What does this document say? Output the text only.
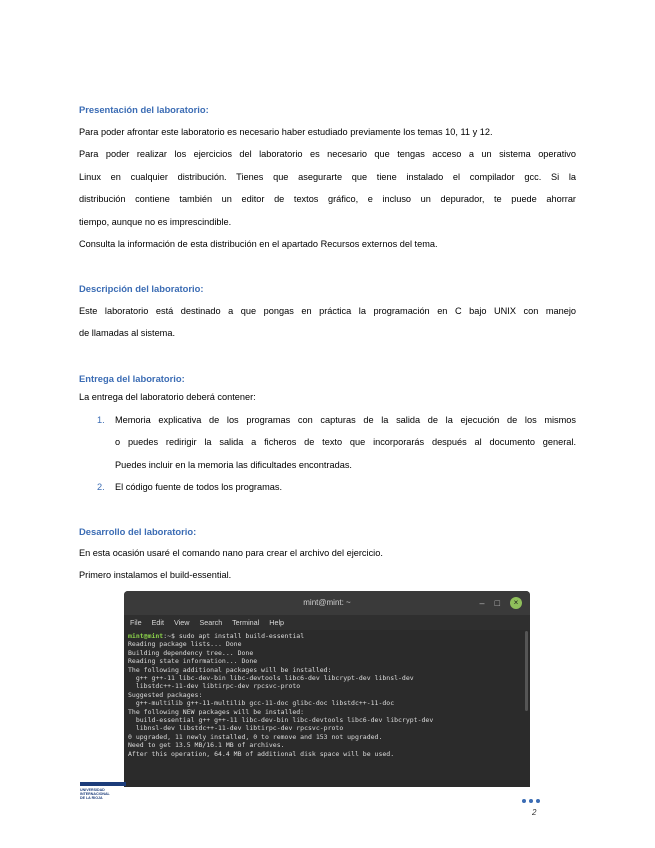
Presentación del laboratorio:
Para poder afrontar este laboratorio es necesario haber estudiado previamente los temas 10, 11 y 12.
Para poder realizar los ejercicios del laboratorio es necesario que tengas acceso a un sistema operativo
Linux en cualquier distribución. Tienes que asegurarte que tiene instalado el compilador gcc. Si la
distribución contiene también un editor de textos gráfico, e incluso un depurador, te puede ahorrar
tiempo, aunque no es imprescindible.
Consulta la información de esta distribución en el apartado Recursos externos del tema.
Descripción del laboratorio:
Este laboratorio está destinado a que pongas en práctica la programación en C bajo UNIX con manejo
de llamadas al sistema.
Entrega del laboratorio:
La entrega del laboratorio deberá contener:
1. Memoria explicativa de los programas con capturas de la salida de la ejecución de los mismos
o puedes redirigir la salida a ficheros de texto que incorporarás después al documento general.
Puedes incluir en la memoria las dificultades encontradas.
2. El código fuente de todos los programas.
Desarrollo del laboratorio:
En esta ocasión usaré el comando nano para crear el archivo del ejercicio.
Primero instalamos el build-essential.
mint@mint: ~	– □	×
File Edit View Search Terminal Help
mint@mint:~$ sudo apt install build-essential
Reading package lists... Done
Building dependency tree... Done
Reading state information... Done
The following additional packages will be installed:
g++ g++-11 libc-dev-bin libc-devtools libc6-dev libcrypt-dev libnsl-dev
libstdc++-11-dev libtirpc-dev rpcsvc-proto
Suggested packages:
g++-multilib g++-11-multilib gcc-11-doc glibc-doc libstdc++-11-doc
The following NEW packages will be installed:
build-essential g++ g++-11 libc-dev-bin libc-devtools libc6-dev libcrypt-dev
libnsl-dev libstdc++-11-dev libtirpc-dev rpcsvc-proto
0 upgraded, 11 newly installed, 0 to remove and 153 not upgraded.
Need to get 13.5 MB/16.1 MB of archives.
After this operation, 64.4 MB of additional disk space will be used.
UNIVERSIDAD
INTERNACIONAL
DE LA RIOJA
2
